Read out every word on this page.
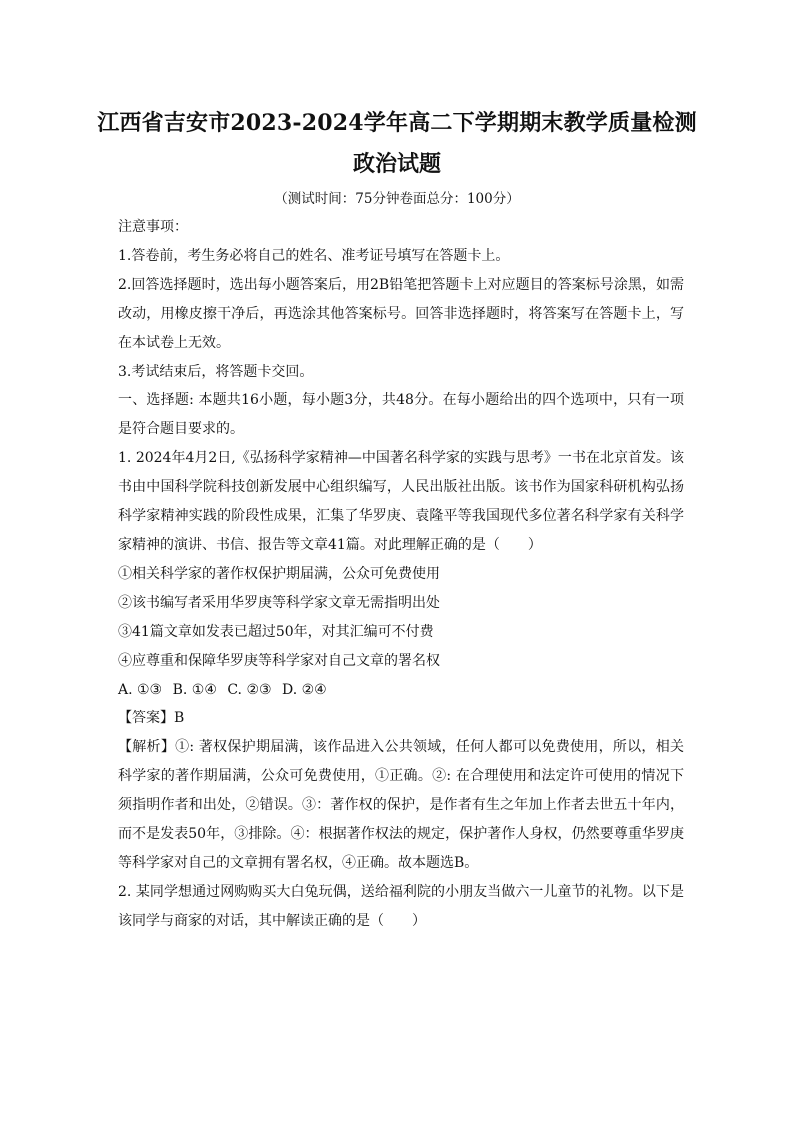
江西省吉安市2023-2024学年高二下学期期末教学质量检测
政治试题
（测试时间：75分钟卷面总分：100分）

注意事项：

1.答卷前，考生务必将自己的姓名、准考证号填写在答题卡上。

2.回答选择题时，选出每小题答案后，用2B铅笔把答题卡上对应题目的答案标号涂黑，如需改动，用橡皮擦干净后，再选涂其他答案标号。回答非选择题时，将答案写在答题卡上，写在本试卷上无效。

3.考试结束后，将答题卡交回。

一、选择题: 本题共16小题，每小题3分，共48分。在每小题给出的四个选项中，只有一项是符合题目要求的。

1. 2024年4月2日,《弘扬科学家精神—中国著名科学家的实践与思考》一书在北京首发。该书由中国科学院科技创新发展中心组织编写，人民出版社出版。该书作为国家科研机构弘扬科学家精神实践的阶段性成果，汇集了华罗庚、袁隆平等我国现代多位著名科学家有关科学家精神的演讲、书信、报告等文章41篇。对此理解正确的是（　　）

①相关科学家的著作权保护期届满，公众可免费使用

②该书编写者采用华罗庚等科学家文章无需指明出处

③41篇文章如发表已超过50年，对其汇编可不付费

④应尊重和保障华罗庚等科学家对自己文章的署名权

A. ①③ B. ①④ C. ②③ D. ②④

【答案】B

【解析】①: 著权保护期届满，该作品进入公共领域，任何人都可以免费使用，所以，相关科学家的著作期届满，公众可免费使用，①正确。②: 在合理使用和法定许可使用的情况下须指明作者和出处，②错误。③：著作权的保护，是作者有生之年加上作者去世五十年内，而不是发表50年，③排除。④：根据著作权法的规定，保护著作人身权，仍然要尊重华罗庚等科学家对自己的文章拥有署名权，④正确。故本题选B。

2. 某同学想通过网购购买大白兔玩偶，送给福利院的小朋友当做六一儿童节的礼物。以下是该同学与商家的对话，其中解读正确的是（　　）
